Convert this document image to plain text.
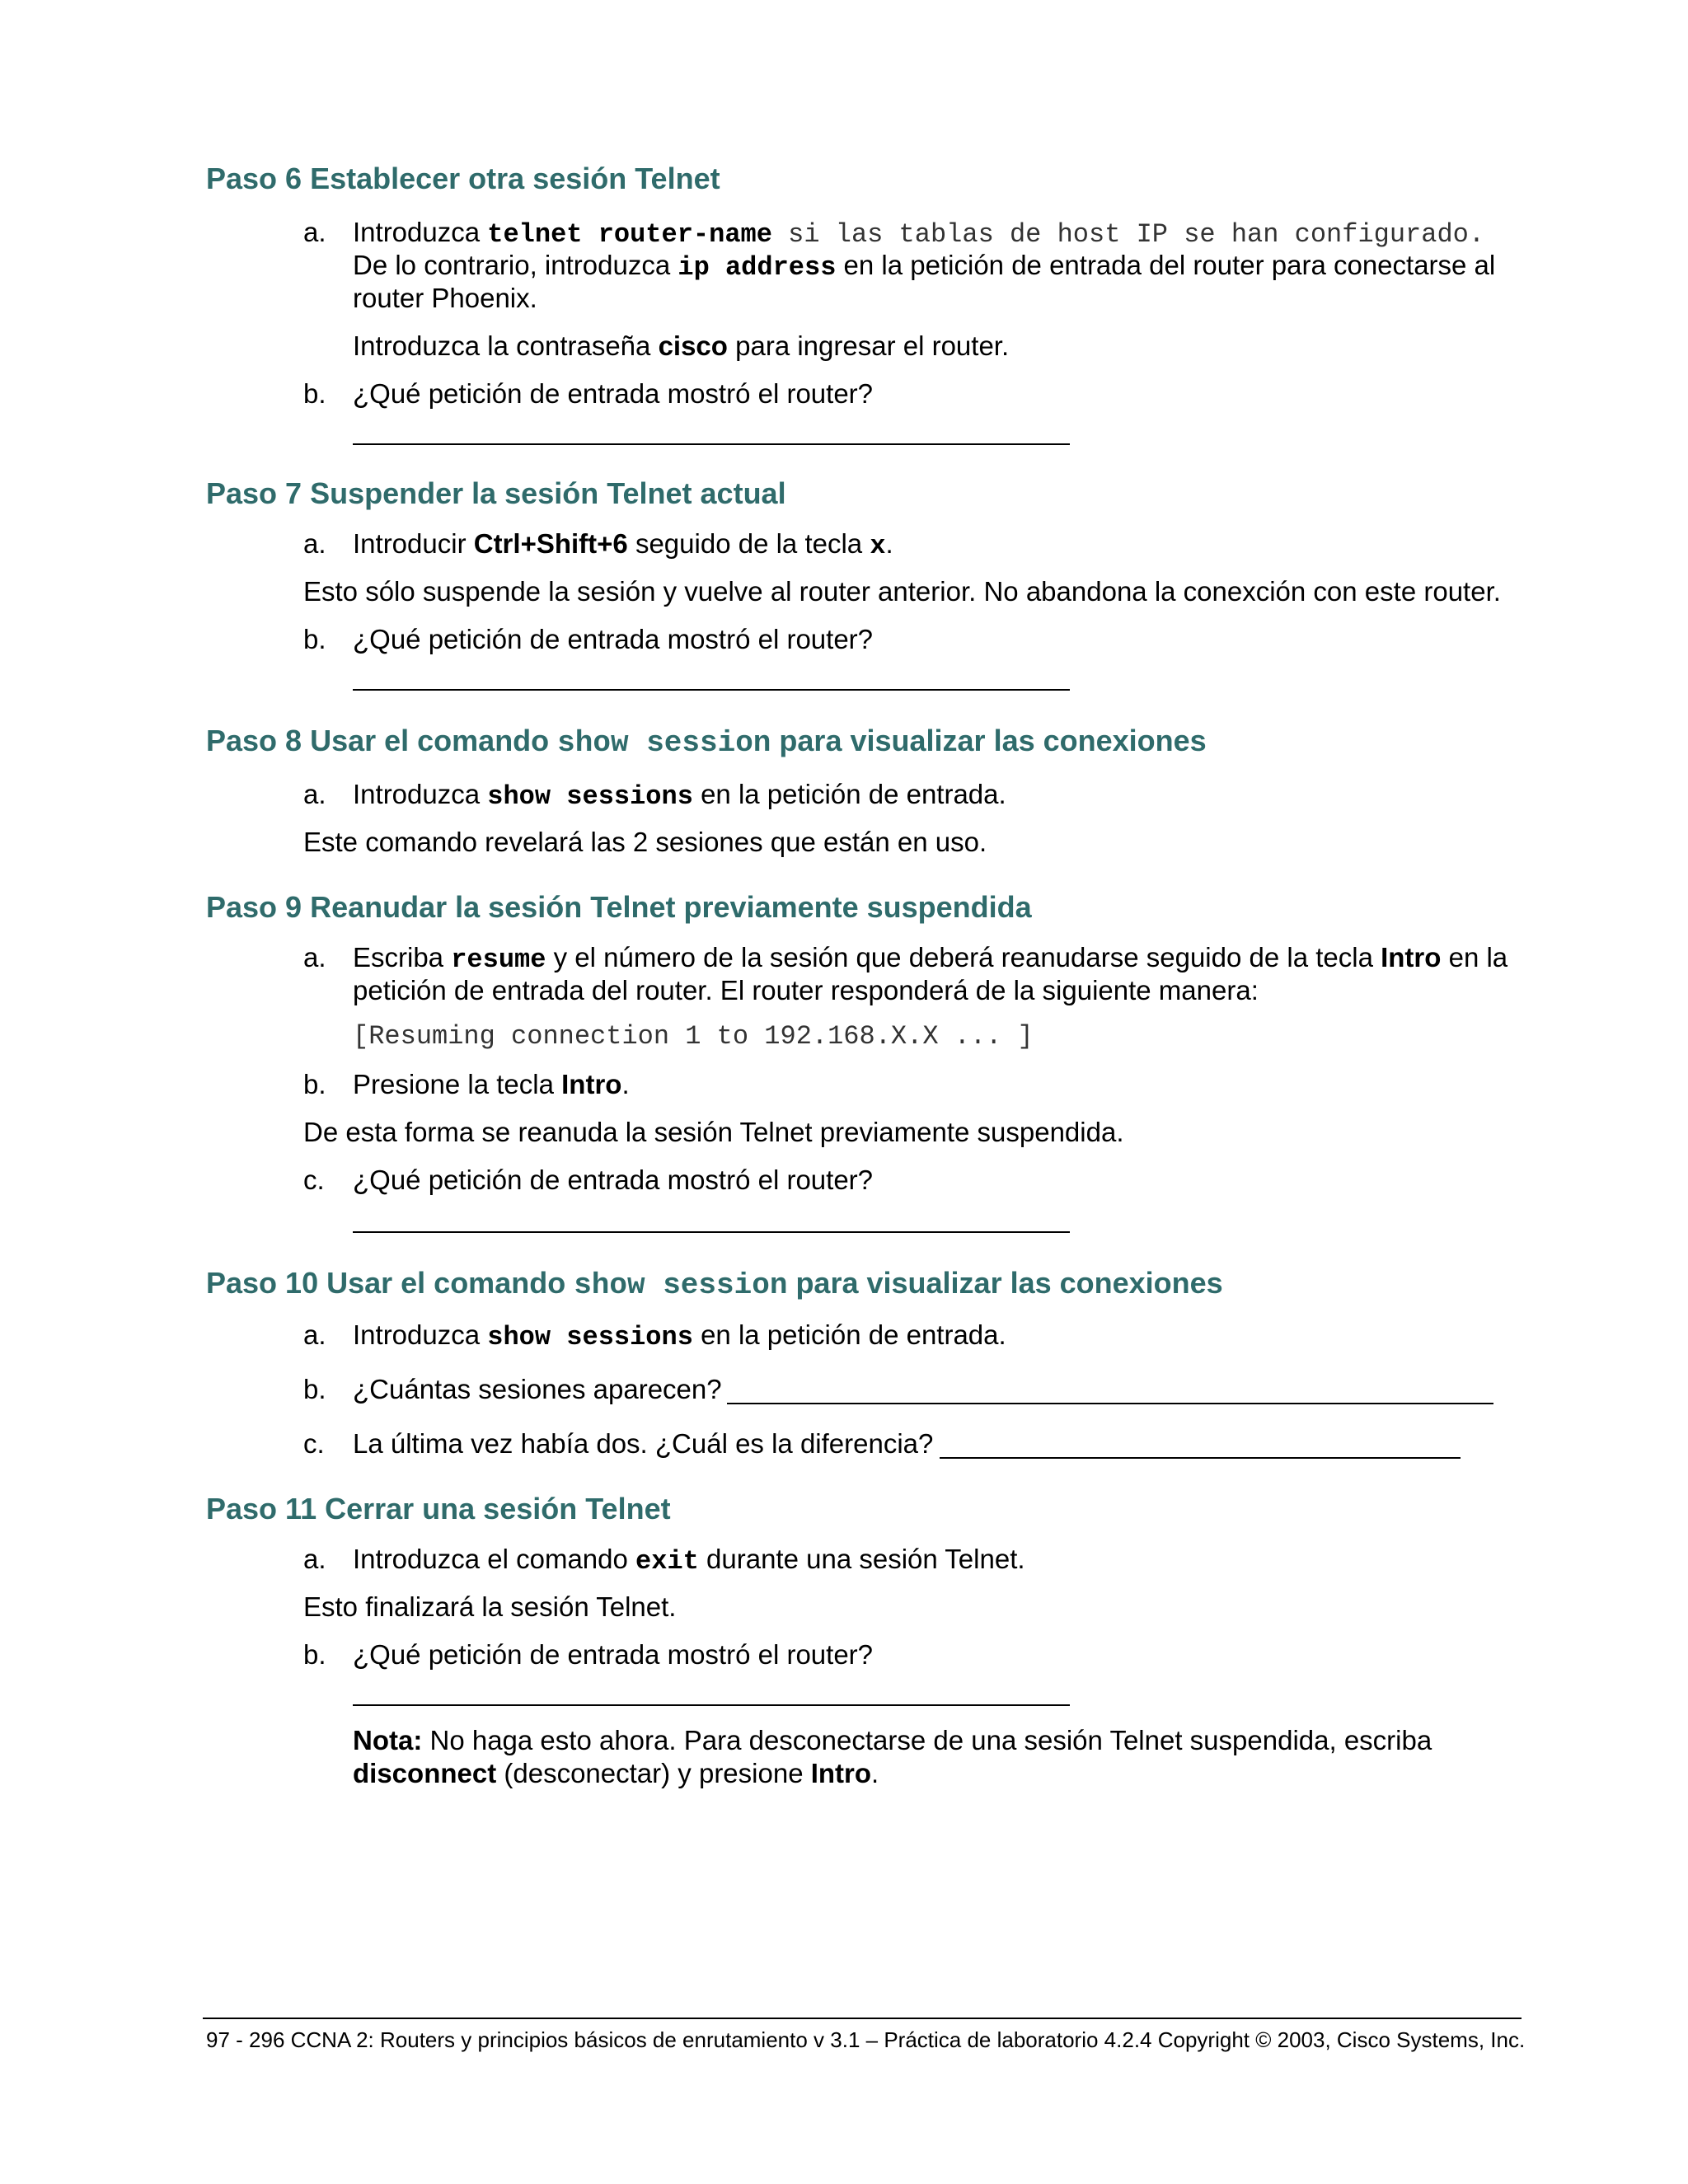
Paso 6 Establecer otra sesión Telnet
a. Introduzca telnet router-name si las tablas de host IP se han configurado.
De lo contrario, introduzca ip address en la petición de entrada del router para conectarse al
router Phoenix.
Introduzca la contraseña cisco para ingresar el router.
b. ¿Qué petición de entrada mostró el router?
Paso 7 Suspender la sesión Telnet actual
a. Introducir Ctrl+Shift+6 seguido de la tecla x.
Esto sólo suspende la sesión y vuelve al router anterior. No abandona la conexción con este router.
b. ¿Qué petición de entrada mostró el router?
Paso 8 Usar el comando show session para visualizar las conexiones
a. Introduzca show sessions en la petición de entrada.
Este comando revelará las 2 sesiones que están en uso.
Paso 9 Reanudar la sesión Telnet previamente suspendida
a. Escriba resume y el número de la sesión que deberá reanudarse seguido de la tecla Intro en la
petición de entrada del router. El router responderá de la siguiente manera:
[Resuming connection 1 to 192.168.X.X ... ]
b. Presione la tecla Intro.
De esta forma se reanuda la sesión Telnet previamente suspendida.
c. ¿Qué petición de entrada mostró el router?
Paso 10 Usar el comando show session para visualizar las conexiones
a. Introduzca show sessions en la petición de entrada.
b. ¿Cuántas sesiones aparecen?
c. La última vez había dos. ¿Cuál es la diferencia?
Paso 11 Cerrar una sesión Telnet
a. Introduzca el comando exit durante una sesión Telnet.
Esto finalizará la sesión Telnet.
b. ¿Qué petición de entrada mostró el router?
Nota: No haga esto ahora. Para desconectarse de una sesión Telnet suspendida, escriba
disconnect (desconectar) y presione Intro.
97 - 296 CCNA 2: Routers y principios básicos de enrutamiento v 3.1 – Práctica de laboratorio 4.2.4 Copyright © 2003, Cisco Systems, Inc.
